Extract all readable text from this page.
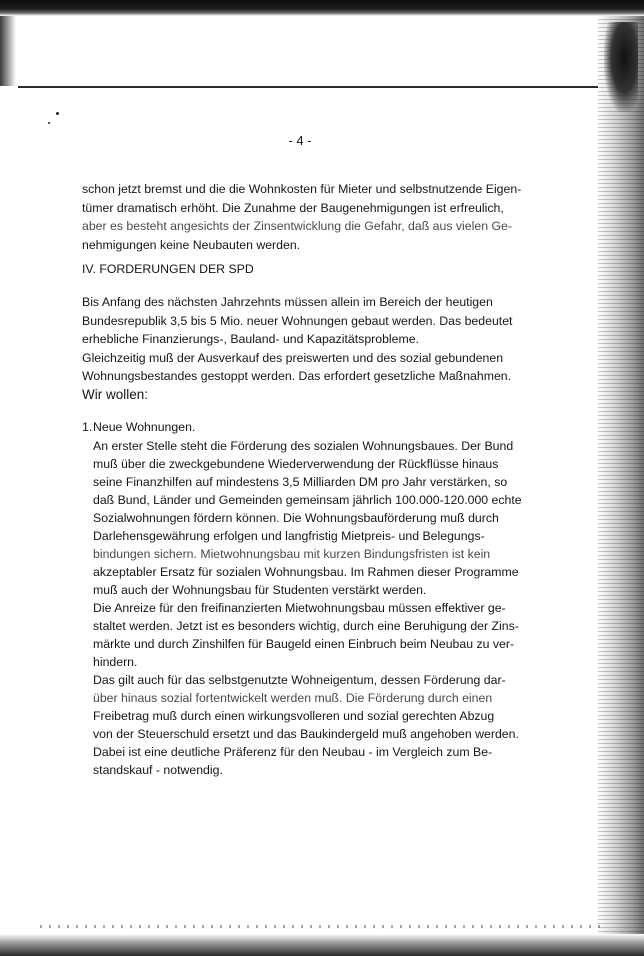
- 4 -

schon jetzt bremst und die die Wohnkosten für Mieter und selbstnutzende Eigen-
tümer dramatisch erhöht. Die Zunahme der Baugenehmigungen ist erfreulich,
aber es besteht angesichts der Zinsentwicklung die Gefahr, daß aus vielen Ge-
nehmigungen keine Neubauten werden.

IV. FORDERUNGEN DER SPD

Bis Anfang des nächsten Jahrzehnts müssen allein im Bereich der heutigen
Bundesrepublik 3,5 bis 5 Mio. neuer Wohnungen gebaut werden. Das bedeutet
erhebliche Finanzierungs-, Bauland- und Kapazitätsprobleme.
Gleichzeitig muß der Ausverkauf des preiswerten und des sozial gebundenen
Wohnungsbestandes gestoppt werden. Das erfordert gesetzliche Maßnahmen.

Wir wollen:
1. Neue Wohnungen.

An erster Stelle steht die Förderung des sozialen Wohnungsbaues. Der Bund
muß über die zweckgebundene Wiederverwendung der Rückflüsse hinaus
seine Finanzhilfen auf mindestens 3,5 Milliarden DM pro Jahr verstärken, so
daß Bund, Länder und Gemeinden gemeinsam jährlich 100.000-120.000 echte
Sozialwohnungen fördern können. Die Wohnungsbauförderung muß durch
Darlehensgewährung erfolgen und langfristig Mietpreis- und Belegungs-
bindungen sichern. Mietwohnungsbau mit kurzen Bindungsfristen ist kein
akzeptabler Ersatz für sozialen Wohnungsbau. Im Rahmen dieser Programme
muß auch der Wohnungsbau für Studenten verstärkt werden.
Die Anreize für den freifinanzierten Mietwohnungsbau müssen effektiver ge-
staltet werden. Jetzt ist es besonders wichtig, durch eine Beruhigung der Zins-
märkte und durch Zinshilfen für Baugeld einen Einbruch beim Neubau zu ver-
hindern.
Das gilt auch für das selbstgenutzte Wohneigentum, dessen Förderung dar-
über hinaus sozial fortentwickelt werden muß. Die Förderung durch einen
Freibetrag muß durch einen wirkungsvolleren und sozial gerechten Abzug
von der Steuerschuld ersetzt und das Baukindergeld muß angehoben werden.
Dabei ist eine deutliche Präferenz für den Neubau - im Vergleich zum Be-
standskauf - notwendig.
